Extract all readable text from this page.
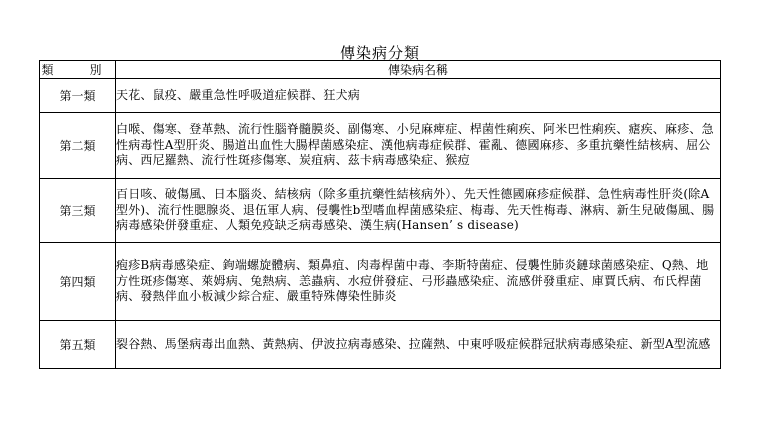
傳染病分類
類　別	傳染病名稱
第一類	天花、鼠疫、嚴重急性呼吸道症候群、狂犬病
第二類	白喉、傷寒、登革熱、流行性腦脊髓膜炎、副傷寒、小兒麻痺症、桿菌性痢疾、阿米巴性痢疾、瘧疾、麻疹、急性病毒性A型肝炎、腸道出血性大腸桿菌感染症、漢他病毒症候群、霍亂、德國麻疹、多重抗藥性結核病、屈公病、西尼羅熱、流行性斑疹傷寒、炭疽病、茲卡病毒感染症、猴痘
第三類	百日咳、破傷風、日本腦炎、結核病（除多重抗藥性結核病外）、先天性德國麻疹症候群、急性病毒性肝炎(除A型外)、流行性腮腺炎、退伍軍人病、侵襲性b型嗜血桿菌感染症、梅毒、先天性梅毒、淋病、新生兒破傷風、腸病毒感染併發重症、人類免疫缺乏病毒感染、漢生病(Hansen’ s disease)
第四類	疱疹B病毒感染症、鉤端螺旋體病、類鼻疽、肉毒桿菌中毒、李斯特菌症、侵襲性肺炎鏈球菌感染症、Q熱、地方性斑疹傷寒、萊姆病、兔熱病、恙蟲病、水痘併發症、弓形蟲感染症、流感併發重症、庫賈氏病、布氏桿菌病、發熱伴血小板減少綜合症、嚴重特殊傳染性肺炎
第五類	裂谷熱、馬堡病毒出血熱、黃熱病、伊波拉病毒感染、拉薩熱、中東呼吸症候群冠狀病毒感染症、新型A型流感
